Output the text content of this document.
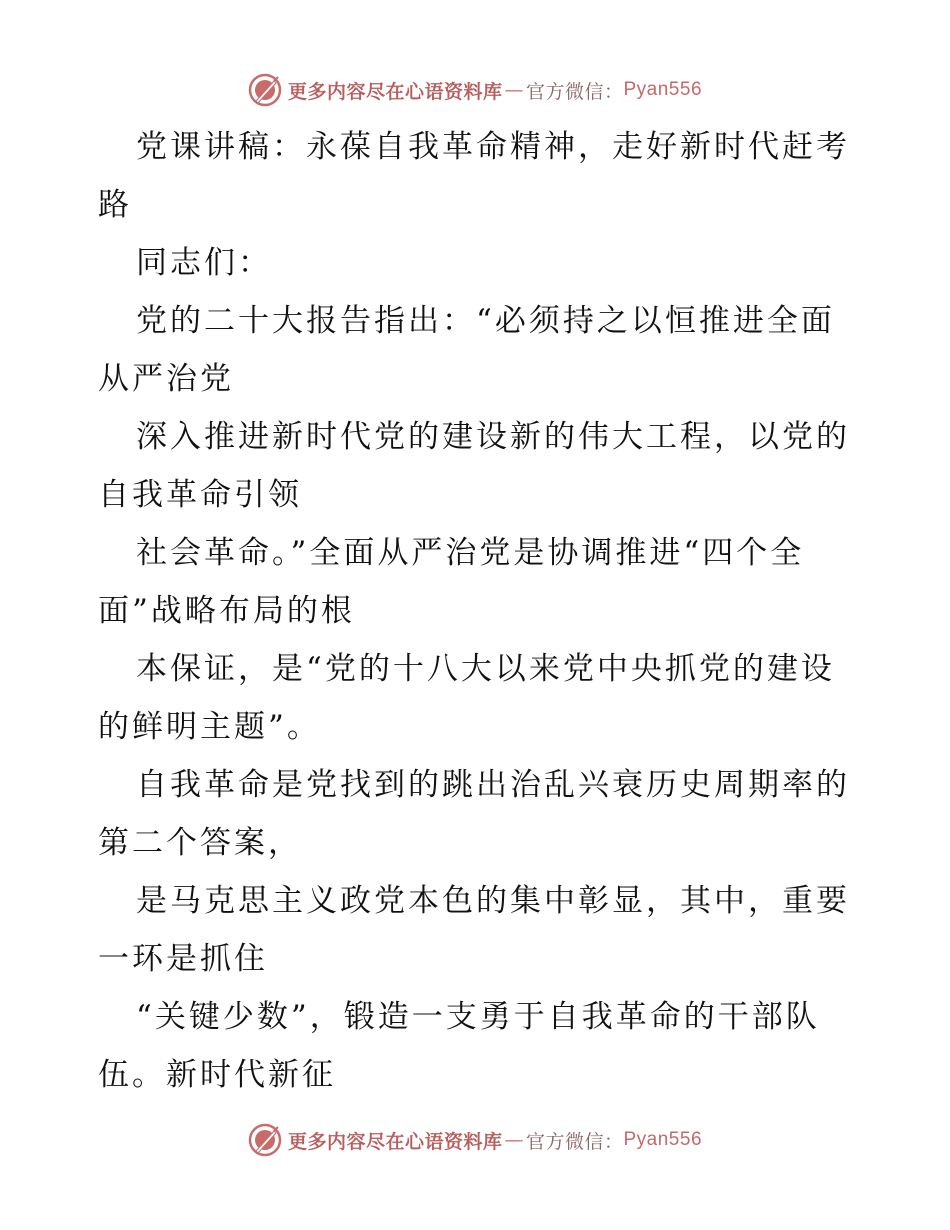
更多内容尽在心语资料库 — 官方微信： Pyan556
党课讲稿：永葆自我革命精神，走好新时代赶考
路
同志们：
党的二十大报告指出：“必须持之以恒推进全面
从严治党
深入推进新时代党的建设新的伟大工程，以党的
自我革命引领
社会革命。”全面从严治党是协调推进“四个全
面”战略布局的根
本保证，是“党的十八大以来党中央抓党的建设
的鲜明主题”。
自我革命是党找到的跳出治乱兴衰历史周期率的
第二个答案，
是马克思主义政党本色的集中彰显，其中，重要
一环是抓住
“关键少数”，锻造一支勇于自我革命的干部队
伍。新时代新征
更多内容尽在心语资料库 — 官方微信： Pyan556
